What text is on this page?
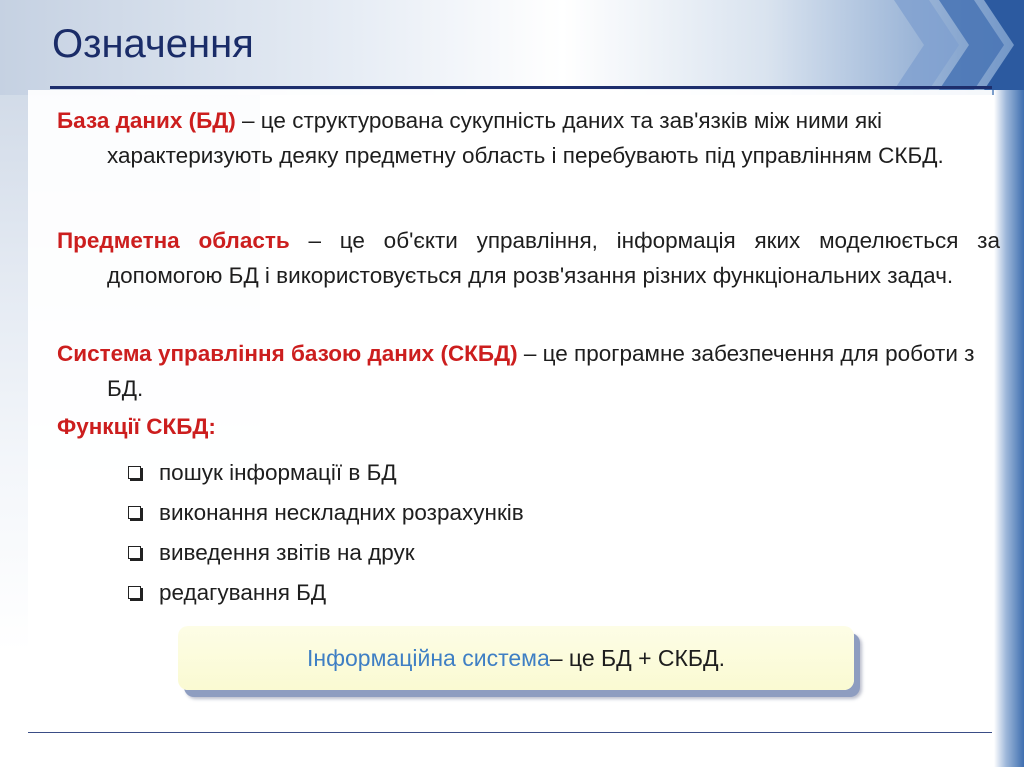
Означення

База даних (БД) – це структурована сукупність даних та зав'язків між ними які характеризують деяку предметну область і перебувають під управлінням СКБД.

Предметна область – це об'єкти управління, інформація яких моделюється за допомогою БД і використовується для розв'язання різних функціональних задач.

Система управління базою даних (СКБД) – це програмне забезпечення для роботи з БД.

Функції СКБД:

пошук інформації в БД
виконання нескладних розрахунків
виведення звітів на друк
редагування БД
Інформаційна система – це БД + СКБД.
